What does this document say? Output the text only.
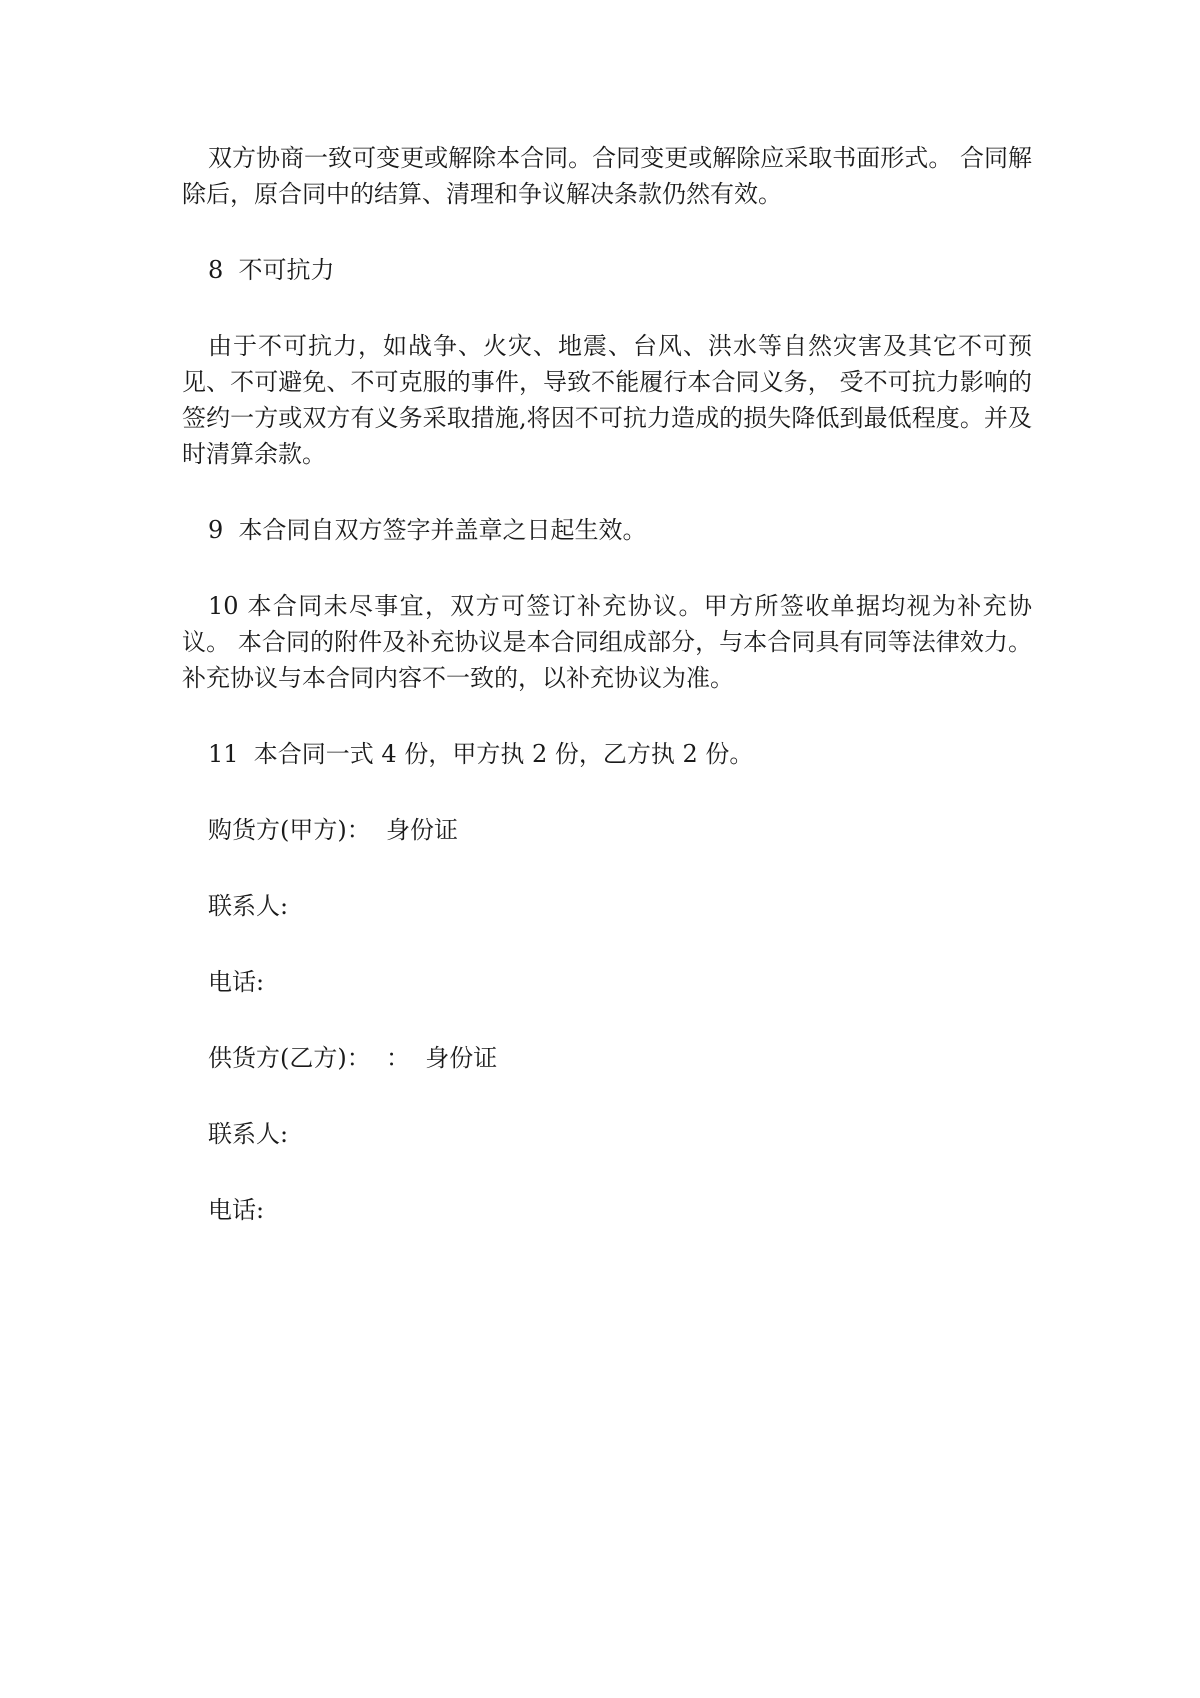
双方协商一致可变更或解除本合同。合同变更或解除应采取书面形式。 合同解除后，原合同中的结算、清理和争议解决条款仍然有效。

8  不可抗力

由于不可抗力，如战争、火灾、地震、台风、洪水等自然灾害及其它不可预见、不可避免、不可克服的事件，导致不能履行本合同义务， 受不可抗力影响的签约一方或双方有义务采取措施,将因不可抗力造成的损失降低到最低程度。并及时清算余款。

9  本合同自双方签字并盖章之日起生效。

10 本合同未尽事宜，双方可签订补充协议。甲方所签收单据均视为补充协议。 本合同的附件及补充协议是本合同组成部分，与本合同具有同等法律效力。补充协议与本合同内容不一致的，以补充协议为准。

11  本合同一式 4 份，甲方执 2 份，乙方执 2 份。

购货方(甲方)：  身份证

联系人:

电话:

供货方(乙方)：  ：  身份证

联系人:

电话:
